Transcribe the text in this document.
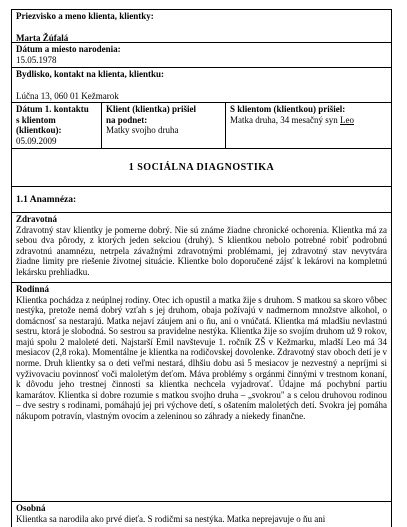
Priezvisko a meno klienta, klientky:
Marta Žúfalá
Dátum a miesto narodenia:
15.05.1978
Bydlisko, kontakt na klienta, klientku:
Lúčna 13, 060 01 Kežmarok
Dátum 1. kontaktu
s klientom
(klientkou):
05.09.2009
Klient (klientka) prišiel
na podnet:
Matky svojho druha
S klientom (klientkou) prišiel:
Matka druha, 34 mesačný syn Leo
1 SOCIÁLNA DIAGNOSTIKA
1.1 Anamnéza:
Zdravotná
Zdravotný stav klientky je pomerne dobrý. Nie sú známe žiadne chronické ochorenia. Klientka má za sebou dva pôrody, z ktorých jeden sekciou (druhý). S klientkou nebolo potrebné robiť podrobnú zdravotnú anamnézu, netrpela závažnými zdravotnými problémami, jej zdravotný stav nevytvára žiadne limity pre riešenie životnej situácie. Klientke bolo doporučené zájsť k lekárovi na kompletnú lekársku prehliadku.
Rodinná
Klientka pochádza z neúplnej rodiny. Otec ich opustil a matka žije s druhom. S matkou sa skoro vôbec nestýka, pretože nemá dobrý vzťah s jej druhom, obaja požívajú v nadmernom množstve alkohol, o domácnosť sa nestarajú. Matka nejaví záujem ani o ňu, ani o vnúčatá. Klientka má mladšiu nevlastnú sestru, ktorá je slobodná. So sestrou sa pravidelne nestýka. Klientka žije so svojím druhom už 9 rokov, majú spolu 2 maloleté deti. Najstarší Emil navštevuje 1. ročník ZŠ v Kežmarku, mladší Leo má 34 mesiacov (2,8 roka). Momentálne je klientka na rodičovskej dovolenke. Zdravotný stav oboch detí je v norme. Druh klientky sa o deti veľmi nestará, dlhšiu dobu asi 5 mesiacov je nezvestný a nepríjmi si vyživovaciu povinnosť voči maloletým deťom. Máva problémy s orgánmi činnými v trestnom konaní, k dôvodu jeho trestnej činnosti sa klientka nechcela vyjadrovať. Údajne má pochybní partiu kamarátov. Klientka si dobre rozumie s matkou svojho druha – „svokrou" a s celou druhovou rodinou – dve sestry s rodinami, pomáhajú jej pri výchove detí, s ošatením maloletých detí. Svokra jej pomáha nákupom potravín, vlastným ovocím a zeleninou so záhrady a niekedy finančne.
Osobná
Klientka sa narodila ako prvé dieťa. S rodičmi sa nestýka. Matka neprejavuje o ňu ani
